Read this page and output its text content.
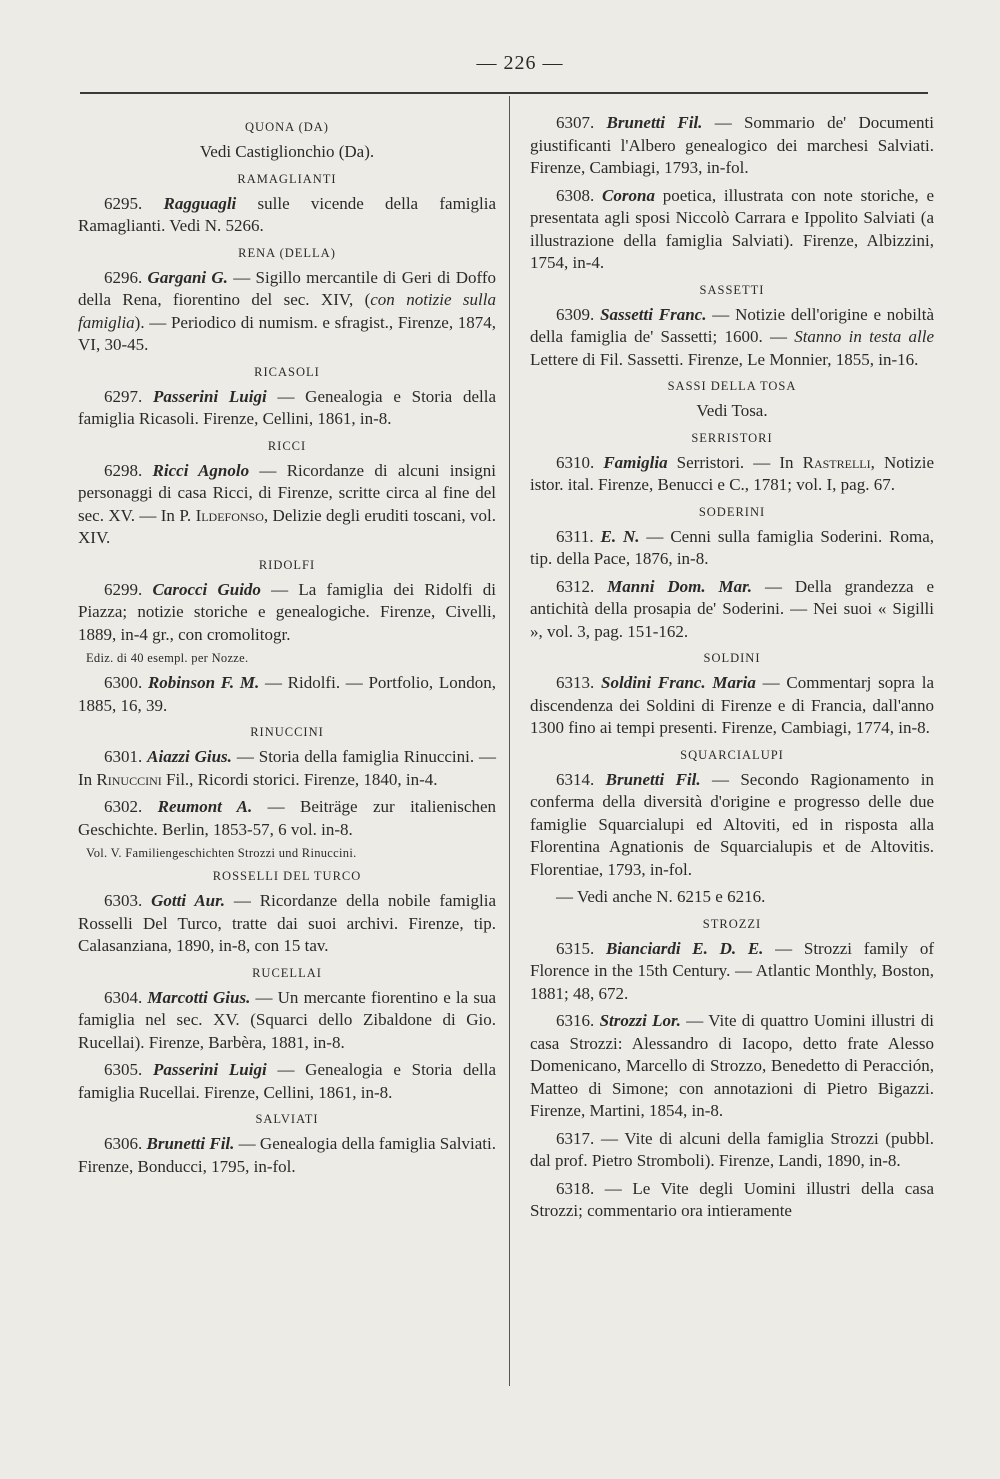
— 226 —
QUONA (DA)
Vedi Castiglionchio (Da).
RAMAGLIANTI

6295. Ragguagli sulle vicende della famiglia Ramaglianti. Vedi N. 5266.

RENA (DELLA)

6296. Gargani G. — Sigillo mercantile di Geri di Doffo della Rena, fiorentino del sec. XIV, (con notizie sulla famiglia). — Periodico di numism. e sfragist., Firenze, 1874, VI, 30-45.

RICASOLI

6297. Passerini Luigi — Genealogia e Storia della famiglia Ricasoli. Firenze, Cellini, 1861, in-8.

RICCI

6298. Ricci Agnolo — Ricordanze di alcuni insigni personaggi di casa Ricci, di Firenze, scritte circa al fine del sec. XV. — In P. Ildefonso, Delizie degli eruditi toscani, vol. XIV.

RIDOLFI

6299. Carocci Guido — La famiglia dei Ridolfi di Piazza; notizie storiche e genealogiche. Firenze, Civelli, 1889, in-4 gr., con cromolitogr.

Ediz. di 40 esempl. per Nozze.

6300. Robinson F. M. — Ridolfi. — Portfolio, London, 1885, 16, 39.

RINUCCINI

6301. Aiazzi Gius. — Storia della famiglia Rinuccini. — In Rinuccini Fil., Ricordi storici. Firenze, 1840, in-4.

6302. Reumont A. — Beiträge zur italienischen Geschichte. Berlin, 1853-57, 6 vol. in-8.

Vol. V. Familiengeschichten Strozzi und Rinuccini.
ROSSELLI DEL TURCO

6303. Gotti Aur. — Ricordanze della nobile famiglia Rosselli Del Turco, tratte dai suoi archivi. Firenze, tip. Calasanziana, 1890, in-8, con 15 tav.

RUCELLAI

6304. Marcotti Gius. — Un mercante fiorentino e la sua famiglia nel sec. XV. (Squarci dello Zibaldone di Gio. Rucellai). Firenze, Barbèra, 1881, in-8.

6305. Passerini Luigi — Genealogia e Storia della famiglia Rucellai. Firenze, Cellini, 1861, in-8.

SALVIATI

6306. Brunetti Fil. — Genealogia della famiglia Salviati. Firenze, Bonducci, 1795, in-fol.

6307. Brunetti Fil. — Sommario de' Documenti giustificanti l'Albero genealogico dei marchesi Salviati. Firenze, Cambiagi, 1793, in-fol.

6308. Corona poetica, illustrata con note storiche, e presentata agli sposi Niccolò Carrara e Ippolito Salviati (a illustrazione della famiglia Salviati). Firenze, Albizzini, 1754, in-4.

SASSETTI

6309. Sassetti Franc. — Notizie dell'origine e nobiltà della famiglia de' Sassetti; 1600. — Stanno in testa alle Lettere di Fil. Sassetti. Firenze, Le Monnier, 1855, in-16.

SASSI DELLA TOSA
Vedi Tosa.
SERRISTORI

6310. Famiglia Serristori. — In Rastrelli, Notizie istor. ital. Firenze, Benucci e C., 1781; vol. I, pag. 67.

SODERINI

6311. E. N. — Cenni sulla famiglia Soderini. Roma, tip. della Pace, 1876, in-8.

6312. Manni Dom. Mar. — Della grandezza e antichità della prosapia de' Soderini. — Nei suoi « Sigilli », vol. 3, pag. 151-162.

SOLDINI

6313. Soldini Franc. Maria — Commentarj sopra la discendenza dei Soldini di Firenze e di Francia, dall'anno 1300 fino ai tempi presenti. Firenze, Cambiagi, 1774, in-8.

SQUARCIALUPI

6314. Brunetti Fil. — Secondo Ragionamento in conferma della diversità d'origine e progresso delle due famiglie Squarcialupi ed Altoviti, ed in risposta alla Florentina Agnationis de Squarcialupis et de Altovitis. Florentiae, 1793, in-fol.

— Vedi anche N. 6215 e 6216.

STROZZI

6315. Bianciardi E. D. E. — Strozzi family of Florence in the 15th Century. — Atlantic Monthly, Boston, 1881; 48, 672.

6316. Strozzi Lor. — Vite di quattro Uomini illustri di casa Strozzi: Alessandro di Iacopo, detto frate Alesso Domenicano, Marcello di Strozzo, Benedetto di Peracción, Matteo di Simone; con annotazioni di Pietro Bigazzi. Firenze, Martini, 1854, in-8.

6317. — Vite di alcuni della famiglia Strozzi (pubbl. dal prof. Pietro Stromboli). Firenze, Landi, 1890, in-8.

6318. — Le Vite degli Uomini illustri della casa Strozzi; commentario ora intieramente
